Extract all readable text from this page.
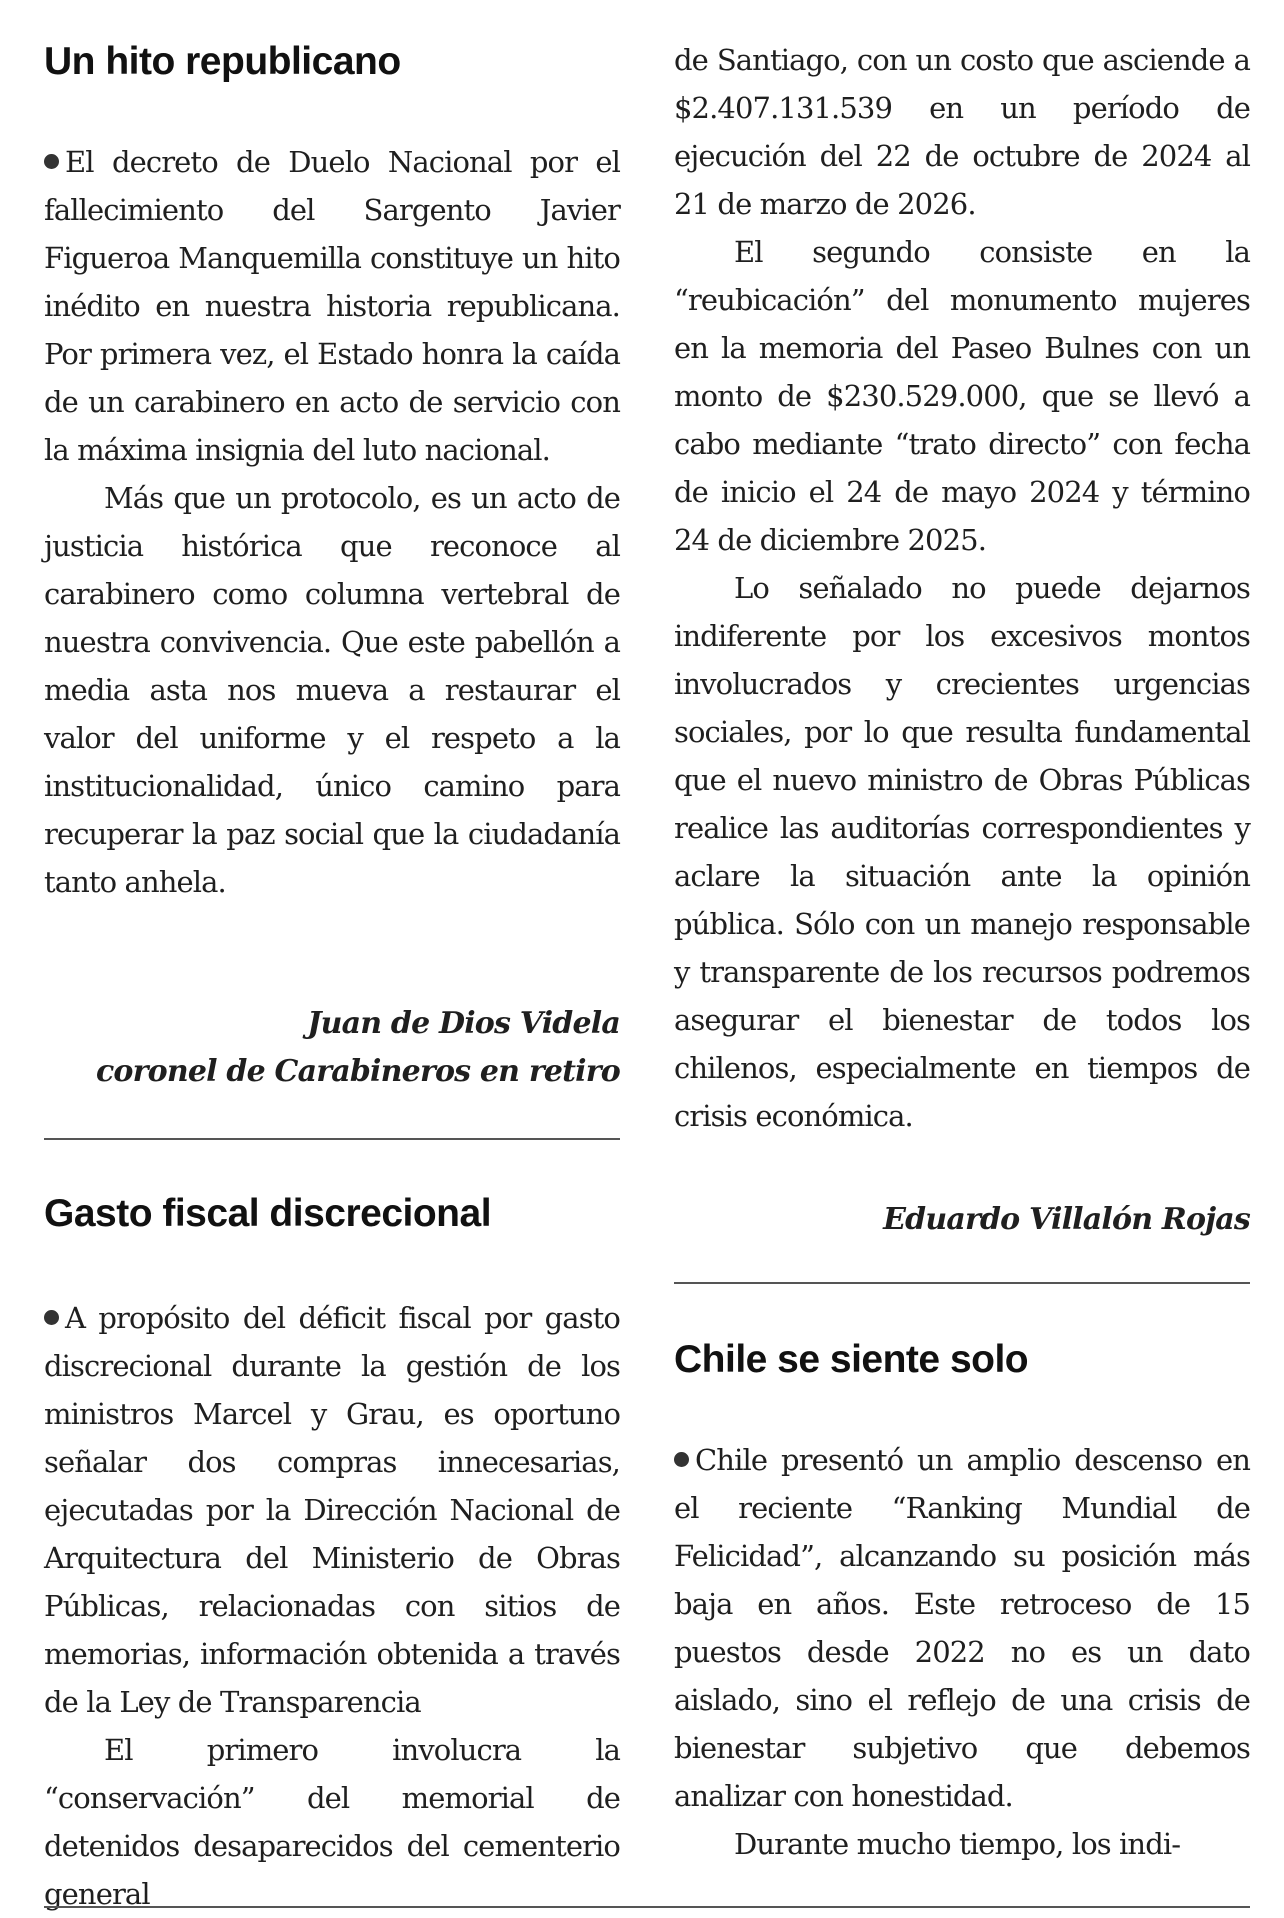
Un hito republicano

El decreto de Duelo Nacional por el fallecimiento del Sargento Javier Figueroa Manquemilla constituye un hito inédito en nuestra historia republicana. Por primera vez, el Estado honra la caída de un carabinero en acto de servicio con la máxima insignia del luto nacional.

Más que un protocolo, es un acto de justicia histórica que reconoce al carabinero como columna vertebral de nuestra convivencia. Que este pabellón a media asta nos mueva a restaurar el valor del uniforme y el respeto a la institucionalidad, único camino para recuperar la paz social que la ciudadanía tanto anhela.

Juan de Dios Videla

coronel de Carabineros en retiro

Gasto fiscal discrecional

A propósito del déficit fiscal por gasto discrecional durante la gestión de los ministros Marcel y Grau, es oportuno señalar dos compras innecesarias, ejecutadas por la Dirección Nacional de Arquitectura del Ministerio de Obras Públicas, relacionadas con sitios de memorias, información obtenida a través de la Ley de Transparencia

El primero involucra la “conservación” del memorial de detenidos desaparecidos del cementerio general

de Santiago, con un costo que asciende a $2.407.131.539 en un período de ejecución del 22 de octubre de 2024 al 21 de marzo de 2026.

El segundo consiste en la “reubicación” del monumento mujeres en la memoria del Paseo Bulnes con un monto de $230.529.000, que se llevó a cabo mediante “trato directo” con fecha de inicio el 24 de mayo 2024 y término 24 de diciembre 2025.

Lo señalado no puede dejarnos indiferente por los excesivos montos involucrados y crecientes urgencias sociales, por lo que resulta fundamental que el nuevo ministro de Obras Públicas realice las auditorías correspondientes y aclare la situación ante la opinión pública. Sólo con un manejo responsable y transparente de los recursos podremos asegurar el bienestar de todos los chilenos, especialmente en tiempos de crisis económica.

Eduardo Villalón Rojas

Chile se siente solo

Chile presentó un amplio descenso en el reciente “Ranking Mundial de Felicidad”, alcanzando su posición más baja en años. Este retroceso de 15 puestos desde 2022 no es un dato aislado, sino el reflejo de una crisis de bienestar subjetivo que debemos analizar con honestidad.

Durante mucho tiempo, los indi-
